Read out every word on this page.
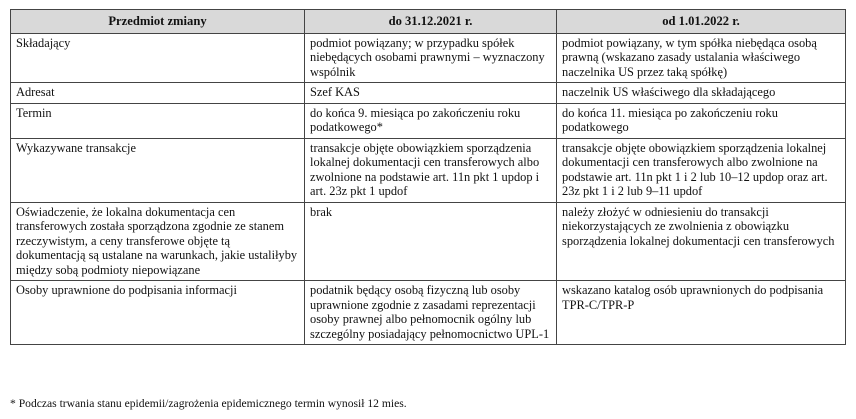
Przedmiot zmiany	do 31.12.2021 r.	od 1.01.2022 r.
Składający	podmiot powiązany; w przypadku spółek niebędących osobami prawnymi – wyznaczony wspólnik	podmiot powiązany, w tym spółka niebędąca osobą prawną (wskazano zasady ustalania właściwego naczelnika US przez taką spółkę)
Adresat	Szef KAS	naczelnik US właściwego dla składającego
Termin	do końca 9. miesiąca po zakończeniu roku podatkowego*	do końca 11. miesiąca po zakończeniu roku podatkowego
Wykazywane transakcje	transakcje objęte obowiązkiem sporządzenia lokalnej dokumentacji cen transferowych albo zwolnione na podstawie art. 11n pkt 1 updop i art. 23z pkt 1 updof	transakcje objęte obowiązkiem sporządzenia lokalnej dokumentacji cen transferowych albo zwolnione na podstawie art. 11n pkt 1 i 2 lub 10–12 updop oraz art. 23z pkt 1 i 2 lub 9–11 updof
Oświadczenie, że lokalna dokumentacja cen transferowych została sporządzona zgodnie ze stanem rzeczywistym, a ceny transferowe objęte tą dokumentacją są ustalane na warunkach, jakie ustaliłyby między sobą podmioty niepowiązane	brak	należy złożyć w odniesieniu do transakcji niekorzystających ze zwolnienia z obowiązku sporządzenia lokalnej dokumentacji cen transferowych
Osoby uprawnione do podpisania informacji	podatnik będący osobą fizyczną lub osoby uprawnione zgodnie z zasadami reprezentacji osoby prawnej albo pełnomocnik ogólny lub szczególny posiadający pełnomocnictwo UPL-1	wskazano katalog osób uprawnionych do podpisania TPR-C/TPR-P
* Podczas trwania stanu epidemii/zagrożenia epidemicznego termin wynosił 12 mies.
